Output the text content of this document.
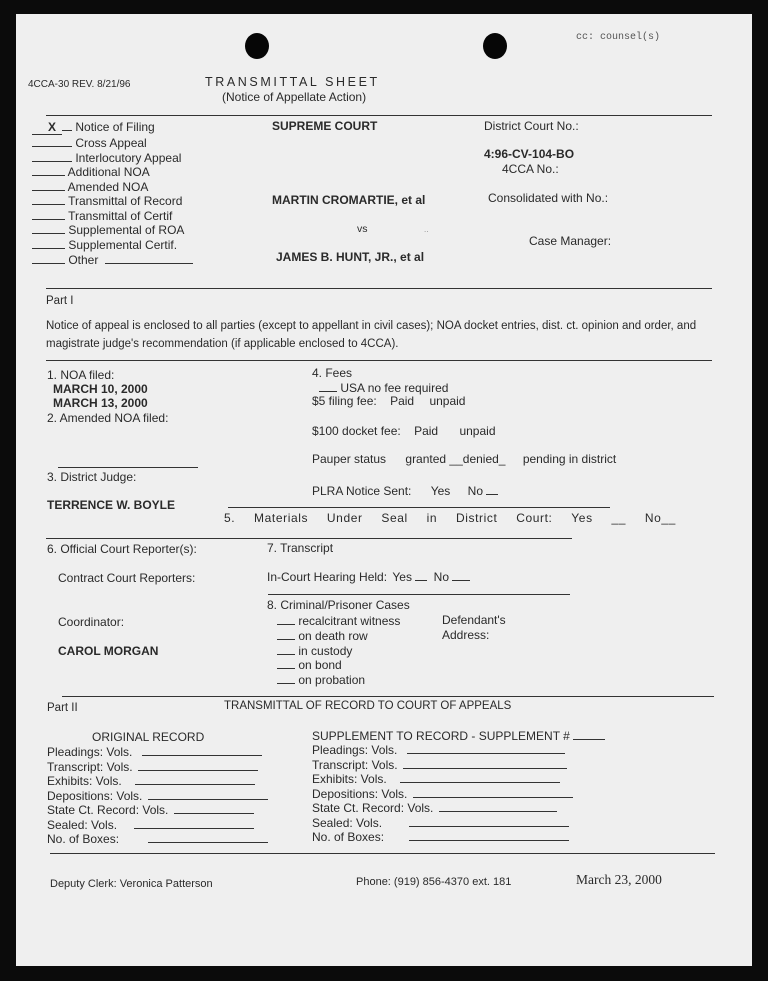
cc: counsel(s)
4CCA-30 REV. 8/21/96	TRANSMITTAL SHEET
(Notice of Appellate Action)
X Notice of Filing
Cross Appeal
Interlocutory Appeal
Additional NOA
Amended NOA
Transmittal of Record
Transmittal of Certif
Supplemental of ROA
Supplemental Certif.
Other
SUPREME COURT
MARTIN CROMARTIE, et al
vs	..
JAMES B. HUNT, JR., et al
District Court No.:
4:96-CV-104-BO
4CCA No.:
Consolidated with No.:
Case Manager:
Part I
Notice of appeal is enclosed to all parties (except to appellant in civil cases); NOA docket entries, dist. ct. opinion and order, and
magistrate judge's recommendation (if applicable enclosed to 4CCA).
1. NOA filed:
MARCH 10, 2000
MARCH 13, 2000
2. Amended NOA filed:
3. District Judge:
TERRENCE W. BOYLE
4. Fees
USA no fee required
$5 filing fee: Paid unpaid
$100 docket fee: Paid unpaid
Pauper status granted __denied_ pending in district
PLRA Notice Sent: Yes No
5. Materials Under Seal in District Court: Yes __ No__
6. Official Court Reporter(s):
Contract Court Reporters:
Coordinator:
CAROL MORGAN
7. Transcript
In-Court Hearing Held: Yes No
8. Criminal/Prisoner Cases
recalcitrant witness
on death row
in custody
on bond
on probation
Defendant's
Address:
Part II	TRANSMITTAL OF RECORD TO COURT OF APPEALS
ORIGINAL RECORD	SUPPLEMENT TO RECORD - SUPPLEMENT #
Pleadings: Vols.
Transcript: Vols.
Exhibits: Vols.
Depositions: Vols.
State Ct. Record: Vols.
Sealed: Vols.
No. of Boxes:
Pleadings: Vols.
Transcript: Vols.
Exhibits: Vols.
Depositions: Vols.
State Ct. Record: Vols.
Sealed: Vols.
No. of Boxes:
Deputy Clerk: Veronica Patterson	Phone: (919) 856-4370 ext. 181	March 23, 2000
